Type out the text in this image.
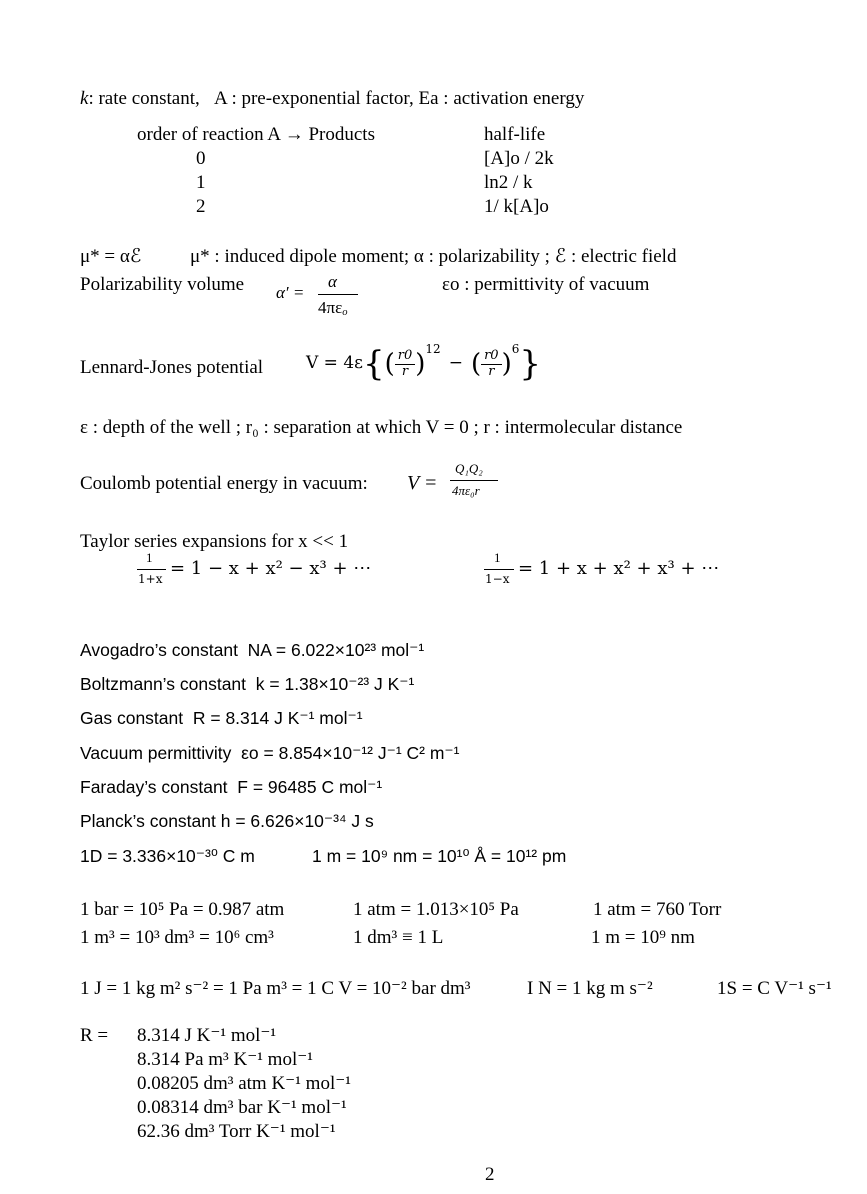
k: rate constant, A : pre-exponential factor, Ea : activation energy
order of reaction A → Products	half-life
0	[A]o / 2k
1	ln2 / k
2	1/ k[A]o
μ* = αℰ	μ* : induced dipole moment; α : polarizability ; ℰ : electric field
Polarizability volume α′ =
α
$4\pi\varepsilon_o$
εo : permittivity of vacuum
Lennard-Jones potential	V = 4ε { ( $\frac{r0}{r}$ ) 12
− ( $\frac{r0}{r}$ ) 6 }
ε : depth of the well ; r₀ : separation at which V = 0 ; r : intermolecular distance
Coulomb potential energy in vacuum: V =
Q₁Q₂
4πε₀r
Taylor series expansions for x << 1
1
1+x = 1 − x + x² − x³ + ⋯
1
1−x = 1 + x + x² + x³ + ⋯
Avogadro’s constant NA = 6.022×10²³ mol⁻¹
Boltzmann’s constant k = 1.38×10⁻²³ J K⁻¹
Gas constant R = 8.314 J K⁻¹ mol⁻¹
Vacuum permittivity εo = 8.854×10⁻¹² J⁻¹ C² m⁻¹
Faraday’s constant F = 96485 C mol⁻¹
Planck’s constant h = 6.626×10⁻³⁴ J s
1D = 3.336×10⁻³⁰ C m	1 m = 10⁹ nm = 10¹⁰ Å = 10¹² pm
1 bar = 10⁵ Pa = 0.987 atm	1 atm = 1.013×10⁵ Pa	1 atm = 760 Torr
1 m³ = 10³ dm³ = 10⁶ cm³	1 dm³ ≡ 1 L	1 m = 10⁹ nm
1 J = 1 kg m² s⁻² = 1 Pa m³ = 1 C V = 10⁻² bar dm³	I N = 1 kg m s⁻²	1S = C V⁻¹ s⁻¹
R = 8.314 J K⁻¹ mol⁻¹
8.314 Pa m³ K⁻¹ mol⁻¹
0.08205 dm³ atm K⁻¹ mol⁻¹
0.08314 dm³ bar K⁻¹ mol⁻¹
62.36 dm³ Torr K⁻¹ mol⁻¹
2
